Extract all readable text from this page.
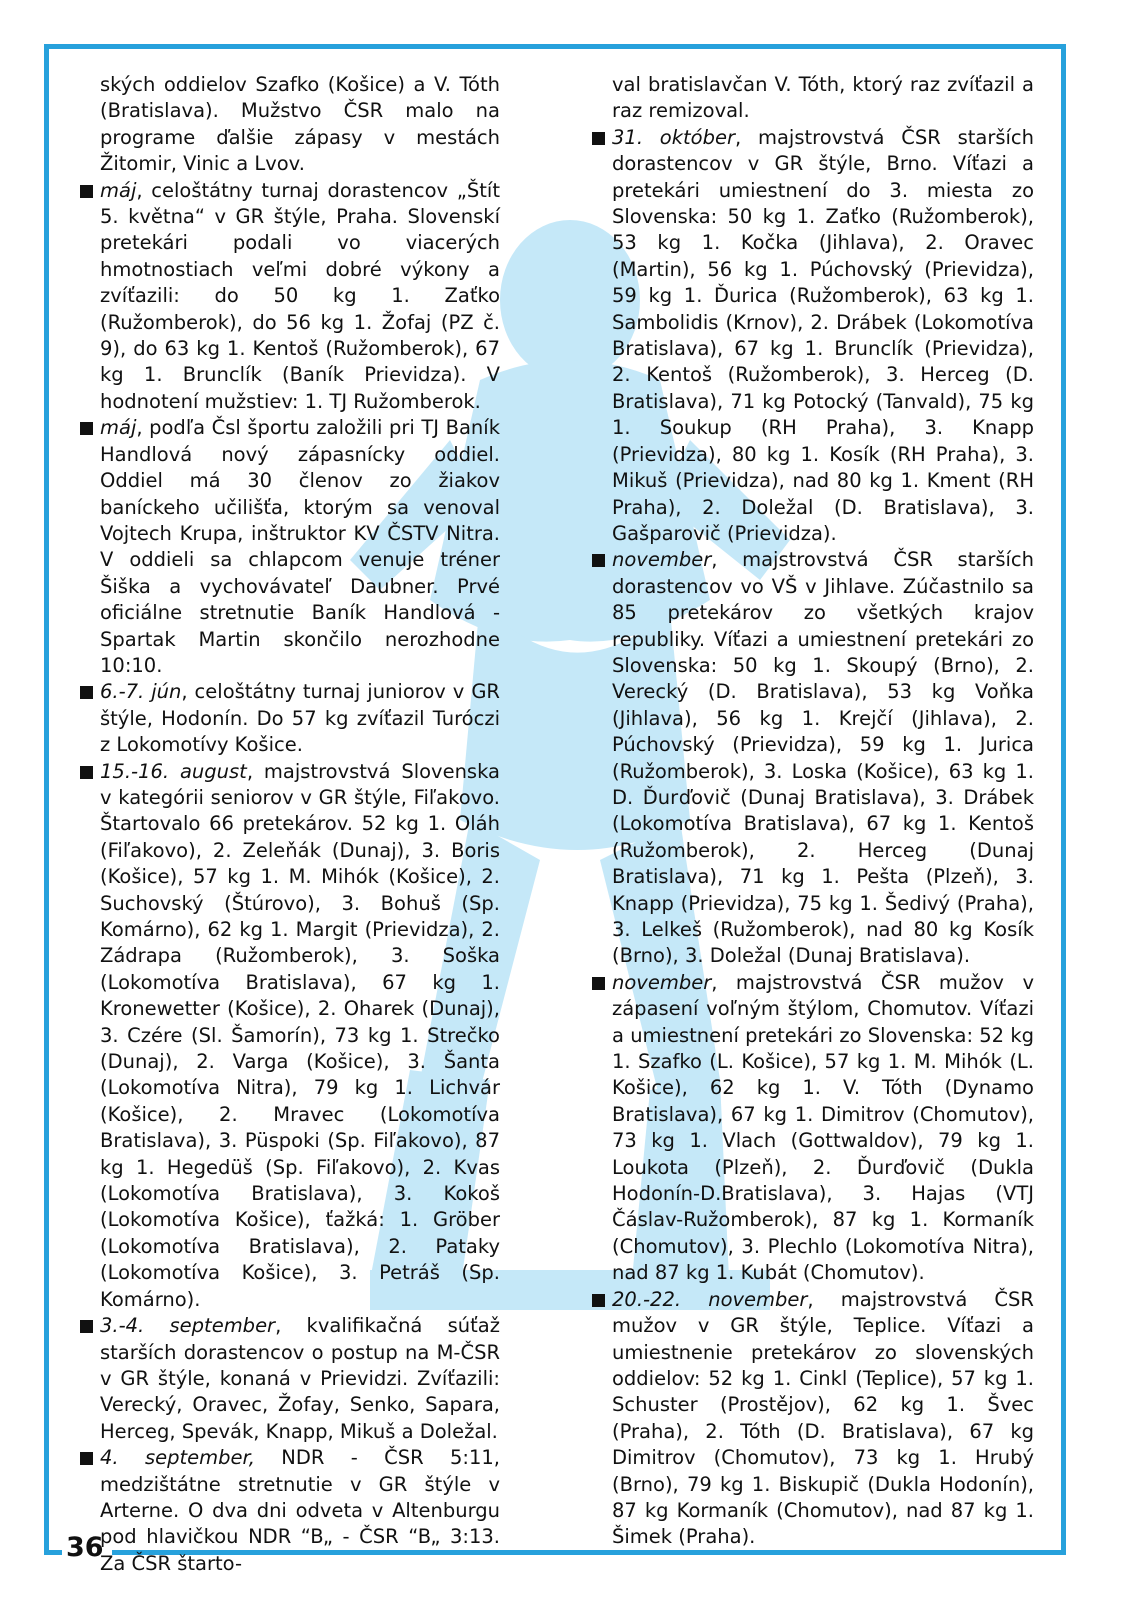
ských oddielov Szafko (Košice) a V. Tóth (Bratislava). Mužstvo ČSR malo na programe ďalšie zápasy v mestách Žitomir, Vinic a Lvov.

máj, celoštátny turnaj dorastencov „Štít 5. května“ v GR štýle, Praha. Slovenskí pretekári podali vo viacerých hmotnostiach veľmi dobré výkony a zvíťazili: do 50 kg 1. Zaťko (Ružomberok), do 56 kg 1. Žofaj (PZ č. 9), do 63 kg 1. Kentoš (Ružomberok), 67 kg 1. Brunclík (Baník Prievidza). V hodnotení mužstiev: 1. TJ Ružomberok.

máj, podľa Čsl športu založili pri TJ Baník Handlová nový zápasnícky oddiel. Oddiel má 30 členov zo žiakov baníckeho učilišťa, ktorým sa venoval Vojtech Krupa, inštruktor KV ČSTV Nitra. V oddieli sa chlapcom venuje tréner Šiška a vychovávateľ Daubner. Prvé oficiálne stretnutie Baník Handlová - Spartak Martin skončilo nerozhodne 10:10.

6.-7. jún, celoštátny turnaj juniorov v GR štýle, Hodonín. Do 57 kg zvíťazil Turóczi z Lokomotívy Košice.

15.-16. august, majstrovstvá Slovenska v kategórii seniorov v GR štýle, Fiľakovo. Štartovalo 66 pretekárov. 52 kg 1. Oláh (Fiľakovo), 2. Zeleňák (Dunaj), 3. Boris (Košice), 57 kg 1. M. Mihók (Košice), 2. Suchovský (Štúrovo), 3. Bohuš (Sp. Komárno), 62 kg 1. Margit (Prievidza), 2. Zádrapa (Ružomberok), 3. Soška (Lokomotíva Bratislava), 67 kg 1. Kronewetter (Košice), 2. Oharek (Dunaj), 3. Czére (Sl. Šamorín), 73 kg 1. Strečko (Dunaj), 2. Varga (Košice), 3. Šanta (Lokomotíva Nitra), 79 kg 1. Lichvár (Košice), 2. Mravec (Lokomotíva Bratislava), 3. Püspoki (Sp. Fiľakovo), 87 kg 1. Hegedüš (Sp. Fiľakovo), 2. Kvas (Lokomotíva Bratislava), 3. Kokoš (Lokomotíva Košice), ťažká: 1. Gröber (Lokomotíva Bratislava), 2. Pataky (Lokomotíva Košice), 3. Petráš (Sp. Komárno).

3.-4. september, kvalifikačná súťaž starších dorastencov o postup na M-ČSR v GR štýle, konaná v Prievidzi. Zvíťazili: Verecký, Oravec, Žofay, Senko, Sapara, Herceg, Spevák, Knapp, Mikuš a Doležal.

4. september, NDR - ČSR 5:11, medzištátne stretnutie v GR štýle v Arterne. O dva dni odveta v Altenburgu pod hlavičkou NDR “B„ - ČSR “B„ 3:13. Za ČSR štarto-

val bratislavčan V. Tóth, ktorý raz zvíťazil a raz remizoval.

31. október, majstrovstvá ČSR starších dorastencov v GR štýle, Brno. Víťazi a pretekári umiestnení do 3. miesta zo Slovenska: 50 kg 1. Zaťko (Ružomberok), 53 kg 1. Kočka (Jihlava), 2. Oravec (Martin), 56 kg 1. Púchovský (Prievidza), 59 kg 1. Ďurica (Ružomberok), 63 kg 1. Sambolidis (Krnov), 2. Drábek (Lokomotíva Bratislava), 67 kg 1. Brunclík (Prievidza), 2. Kentoš (Ružomberok), 3. Herceg (D. Bratislava), 71 kg Potocký (Tanvald), 75 kg 1. Soukup (RH Praha), 3. Knapp (Prievidza), 80 kg 1. Kosík (RH Praha), 3. Mikuš (Prievidza), nad 80 kg 1. Kment (RH Praha), 2. Doležal (D. Bratislava), 3. Gašparovič (Prievidza).

november, majstrovstvá ČSR starších dorastencov vo VŠ v Jihlave. Zúčastnilo sa 85 pretekárov zo všetkých krajov republiky. Víťazi a umiestnení pretekári zo Slovenska: 50 kg 1. Skoupý (Brno), 2. Verecký (D. Bratislava), 53 kg Voňka (Jihlava), 56 kg 1. Krejčí (Jihlava), 2. Púchovský (Prievidza), 59 kg 1. Jurica (Ružomberok), 3. Loska (Košice), 63 kg 1. D. Ďurďovič (Dunaj Bratislava), 3. Drábek (Lokomotíva Bratislava), 67 kg 1. Kentoš (Ružomberok), 2. Herceg (Dunaj Bratislava), 71 kg 1. Pešta (Plzeň), 3. Knapp (Prievidza), 75 kg 1. Šedivý (Praha), 3. Lelkeš (Ružomberok), nad 80 kg Kosík (Brno), 3. Doležal (Dunaj Bratislava).

november, majstrovstvá ČSR mužov v zápasení voľným štýlom, Chomutov. Víťazi a umiestnení pretekári zo Slovenska: 52 kg 1. Szafko (L. Košice), 57 kg 1. M. Mihók (L. Košice), 62 kg 1. V. Tóth (Dynamo Bratislava), 67 kg 1. Dimitrov (Chomutov), 73 kg 1. Vlach (Gottwaldov), 79 kg 1. Loukota (Plzeň), 2. Ďurďovič (Dukla Hodonín-D.Bratislava), 3. Hajas (VTJ Čáslav-Ružomberok), 87 kg 1. Kormaník (Chomutov), 3. Plechlo (Lokomotíva Nitra), nad 87 kg 1. Kubát (Chomutov).

20.-22. november, majstrovstvá ČSR mužov v GR štýle, Teplice. Víťazi a umiestnenie pretekárov zo slovenských oddielov: 52 kg 1. Cinkl (Teplice), 57 kg 1. Schuster (Prostějov), 62 kg 1. Švec (Praha), 2. Tóth (D. Bratislava), 67 kg Dimitrov (Chomutov), 73 kg 1. Hrubý (Brno), 79 kg 1. Biskupič (Dukla Hodonín), 87 kg Kormaník (Chomutov), nad 87 kg 1. Šimek (Praha).

36
